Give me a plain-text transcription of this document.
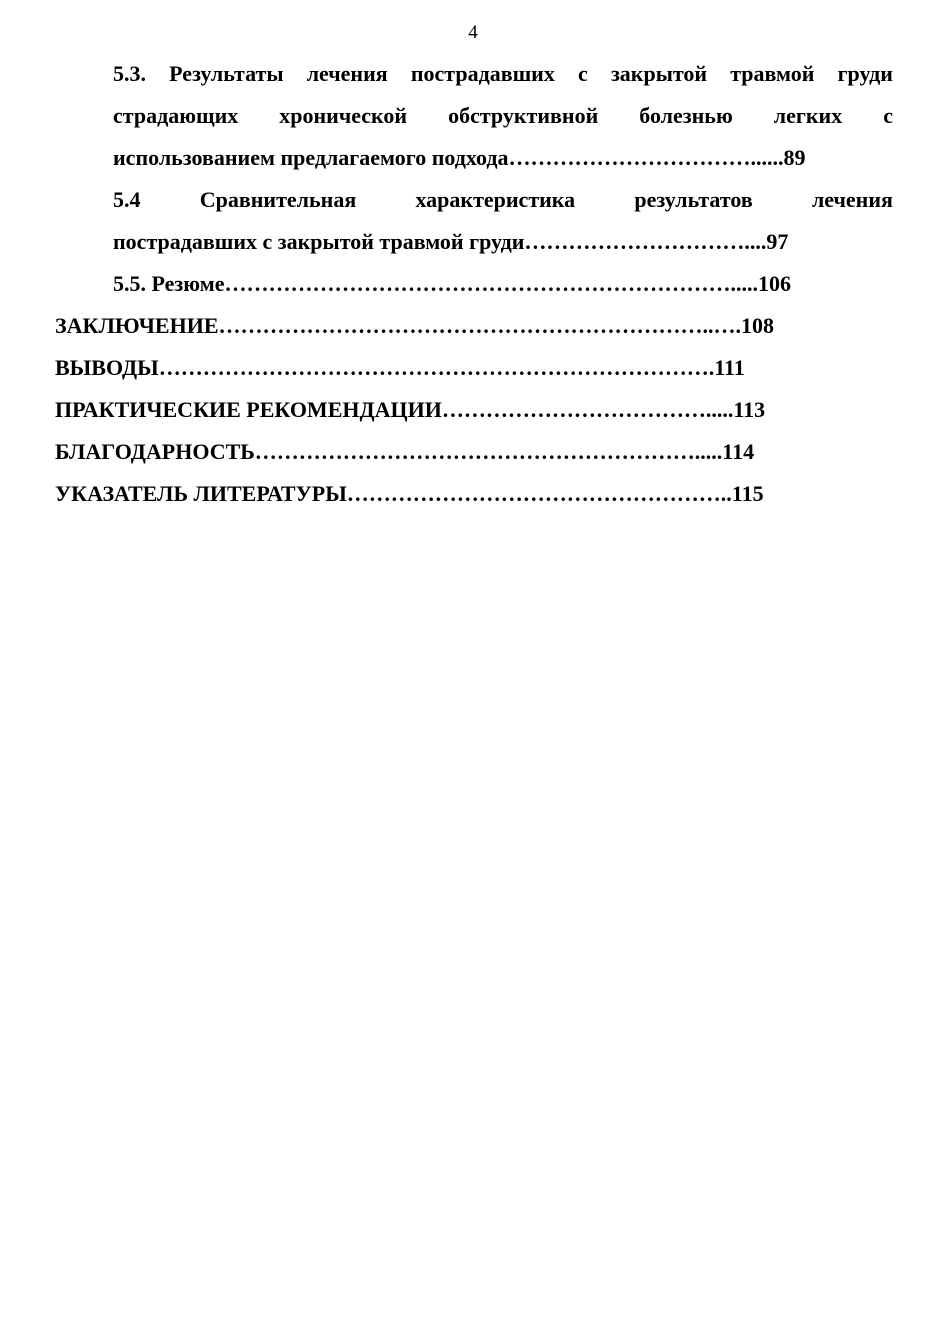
4
5.3. Результаты лечения пострадавших с закрытой травмой груди
страдающих хронической обструктивной болезнью легких с
использованием предлагаемого подхода……………………………......89
5.4	Сравнительная	характеристика	результатов	лечения
пострадавших с закрытой травмой груди…………………………....97
5.5. Резюме…………………………………………………………….....106
ЗАКЛЮЧЕНИЕ…………………………………………………………..….108
ВЫВОДЫ………………………………………………………………….111
ПРАКТИЧЕСКИЕ РЕКОМЕНДАЦИИ……………………………….....113
БЛАГОДАРНОСТЬ…………………………………………………….....114
УКАЗАТЕЛЬ ЛИТЕРАТУРЫ……………………………………………..115
